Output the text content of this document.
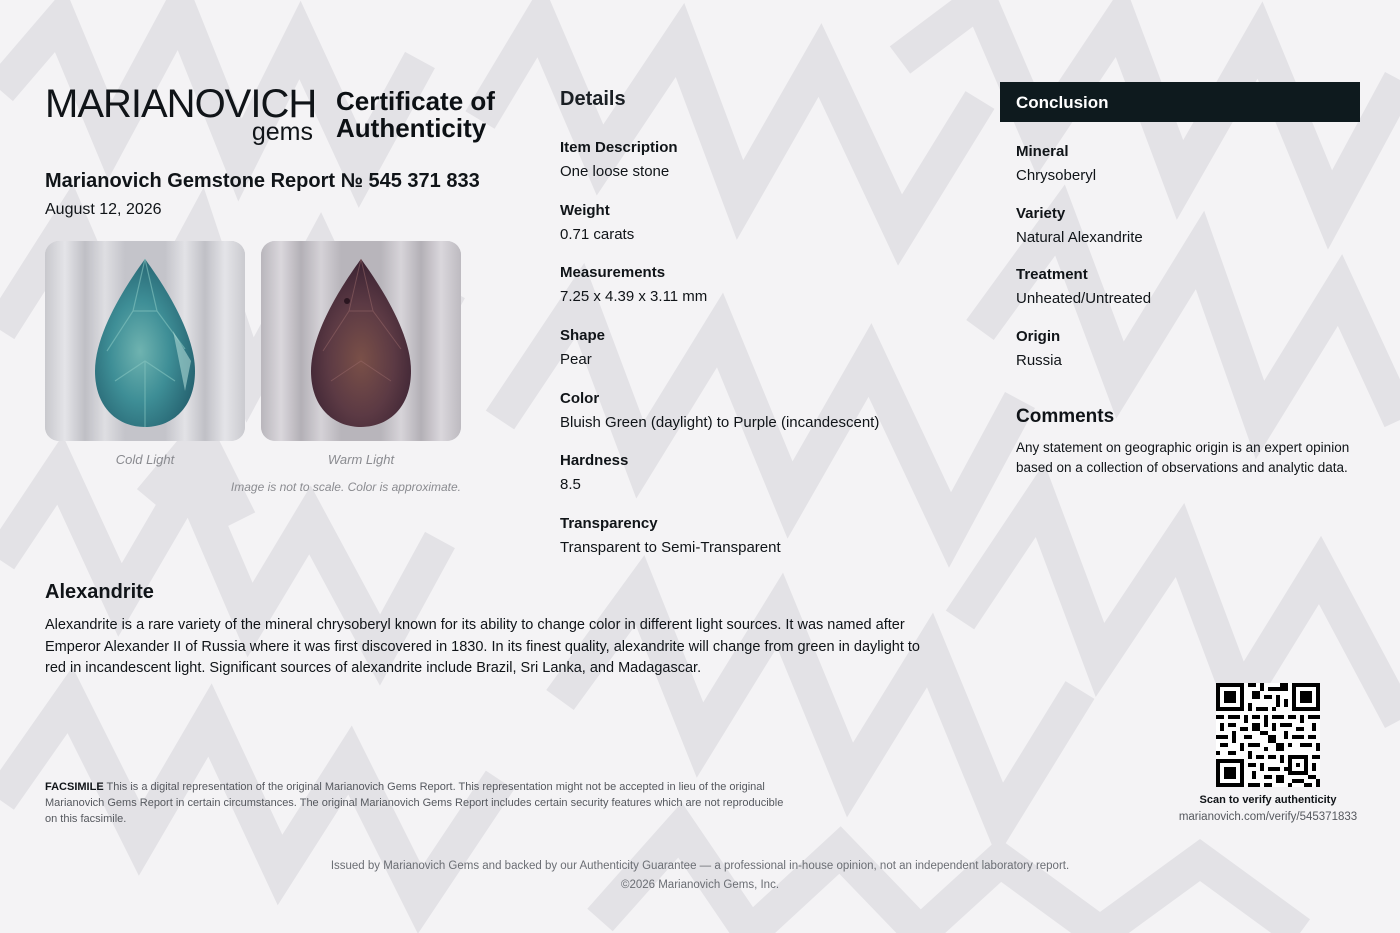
MARIANOVICH
gems
Certificate of
Authenticity
Marianovich Gemstone Report № 545 371 833
August 12, 2026
Cold Light	Warm Light
Image is not to scale. Color is approximate.
Details
Item Description
One loose stone
Weight
0.71 carats
Measurements
7.25 x 4.39 x 3.11 mm
Shape
Pear
Color
Bluish Green (daylight) to Purple (incandescent)
Hardness
8.5
Transparency
Transparent to Semi-Transparent
Conclusion
Mineral
Chrysoberyl
Variety
Natural Alexandrite
Treatment
Unheated/Untreated
Origin
Russia
Comments
Any statement on geographic origin is an expert opinion based on a collection of observations and analytic data.
Alexandrite
Alexandrite is a rare variety of the mineral chrysoberyl known for its ability to change color in different light sources. It was named after Emperor Alexander II of Russia where it was first discovered in 1830. In its finest quality, alexandrite will change from green in daylight to red in incandescent light. Significant sources of alexandrite include Brazil, Sri Lanka, and Madagascar.
FACSIMILE This is a digital representation of the original Marianovich Gems Report. This representation might not be accepted in lieu of the original Marianovich Gems Report in certain circumstances. The original Marianovich Gems Report includes certain security features which are not reproducible on this facsimile.
Scan to verify authenticity
marianovich.com/verify/545371833
Issued by Marianovich Gems and backed by our Authenticity Guarantee — a professional in-house opinion, not an independent laboratory report.
©2026 Marianovich Gems, Inc.
